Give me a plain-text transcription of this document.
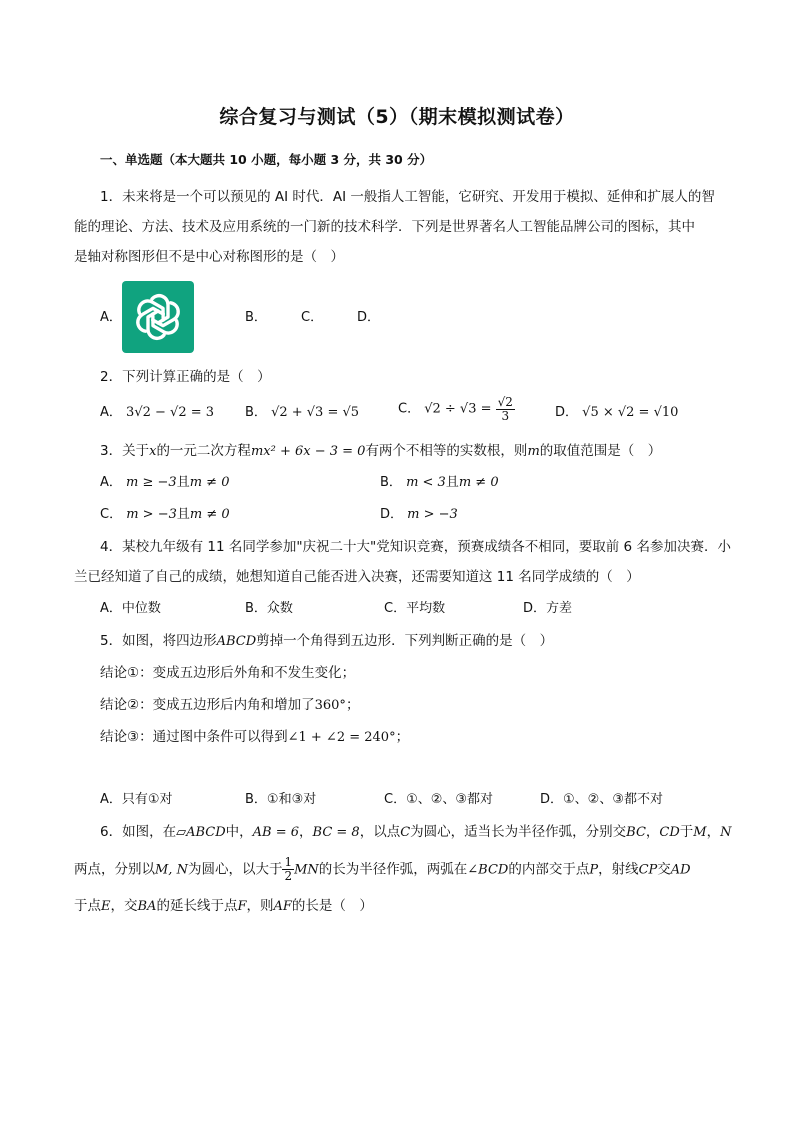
综合复习与测试（5）（期末模拟测试卷）
一、单选题（本大题共 10 小题，每小题 3 分，共 30 分）
1．未来将是一个可以预见的 AI 时代．AI 一般指人工智能，它研究、开发用于模拟、延伸和扩展人的智
能的理论、方法、技术及应用系统的一门新的技术科学．下列是世界著名人工智能品牌公司的图标，其中
是轴对称图形但不是中心对称图形的是（　）
A．	B．	C．	D．
2．下列计算正确的是（　）
A． 3√2 − √2 = 3 B． √2 + √3 = √5	C． $√2 \div √3 = \frac{√2}{3}$	D． √5 × √2 = √10
3．关于x的一元二次方程mx² + 6x − 3 = 0有两个不相等的实数根，则m的取值范围是（　）
A． m ≥ −3且m ≠ 0	B． m < 3且m ≠ 0
C． m > −3且m ≠ 0	D． m > −3
4．某校九年级有 11 名同学参加"庆祝二十大"党知识竞赛，预赛成绩各不相同，要取前 6 名参加决赛．小
兰已经知道了自己的成绩，她想知道自己能否进入决赛，还需要知道这 11 名同学成绩的（　）
A．中位数	B．众数	C．平均数	D．方差
5．如图，将四边形ABCD剪掉一个角得到五边形．下列判断正确的是（　）
结论①：变成五边形后外角和不发生变化；
结论②：变成五边形后内角和增加了360°；
结论③：通过图中条件可以得到∠1 + ∠2 = 240°；
A．只有①对	B．①和③对	C．①、②、③都对	D．①、②、③都不对
6．如图，在▱ABCD中，AB = 6，BC = 8，以点C为圆心，适当长为半径作弧，分别交BC，CD于M，N
两点，分别以M, N为圆心，以大于 $\frac{1}{2}$ MN的长为半径作弧，两弧在∠BCD的内部交于点P，射线CP交AD
于点E，交BA的延长线于点F，则AF的长是（　）
